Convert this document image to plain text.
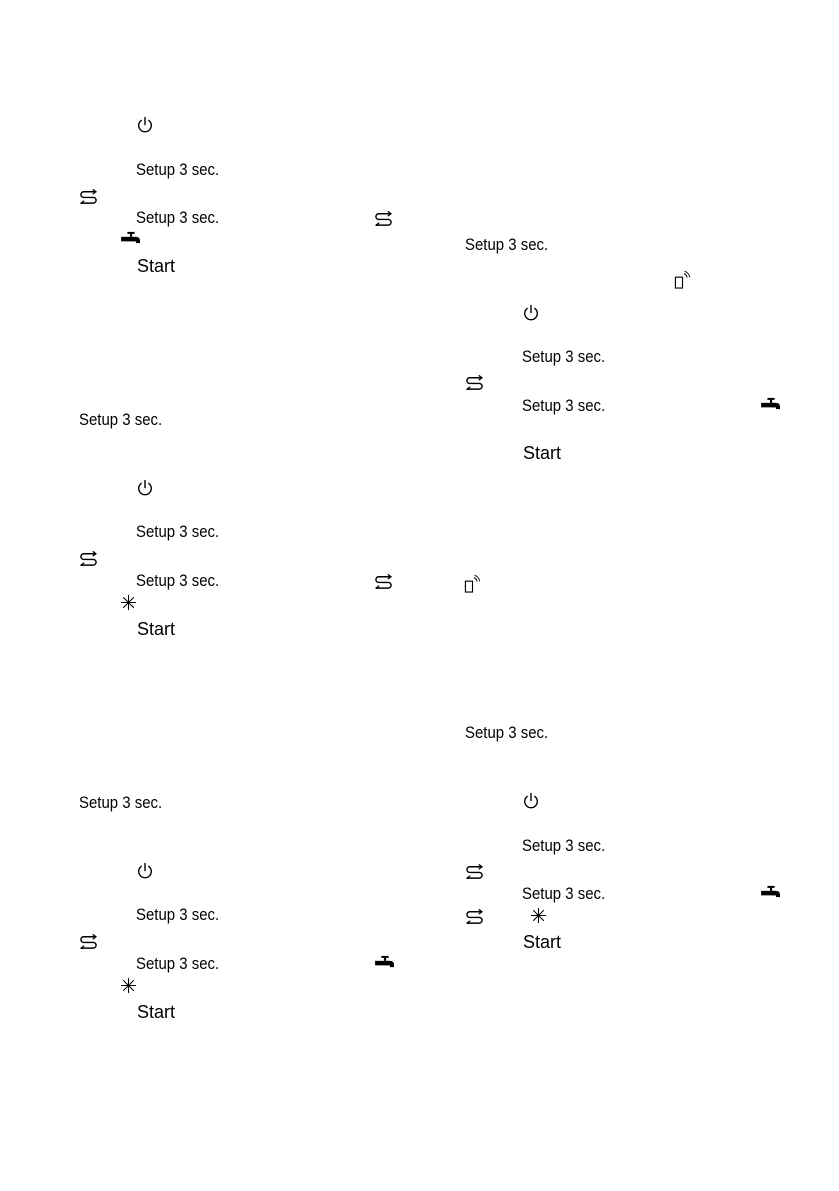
Setup 3 sec.
Setup 3 sec.
Start
Setup 3 sec.
Setup 3 sec.
Setup 3 sec.
Start
Setup 3 sec.
Setup 3 sec.
Setup 3 sec.
Start
Setup 3 sec.
Setup 3 sec.
Setup 3 sec.
Start
Setup 3 sec.
Setup 3 sec.
Setup 3 sec.
Start
